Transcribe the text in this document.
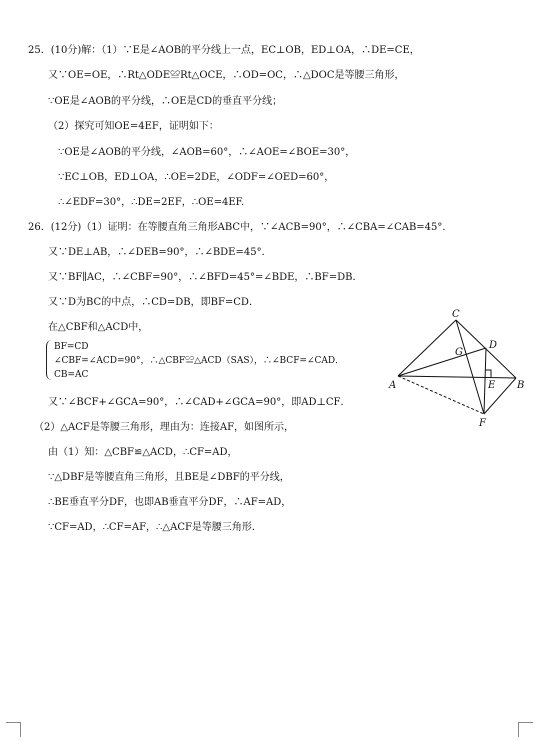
25．(10分)解：（1）∵E是∠AOB的平分线上一点，EC⊥OB，ED⊥OA，∴DE=CE，
又∵OE=OE，∴Rt△ODE≌Rt△OCE，∴OD=OC，∴△DOC是等腰三角形，
∵OE是∠AOB的平分线，∴OE是CD的垂直平分线；
（2）探究可知OE=4EF，证明如下：
∵OE是∠AOB的平分线，∠AOB=60°，∴∠AOE=∠BOE=30°，
∵EC⊥OB，ED⊥OA，∴OE=2DE，∠ODF=∠OED=60°，
∴∠EDF=30°，∴DE=2EF，∴OE=4EF.
26．(12分)（1）证明：在等腰直角三角形ABC中，∵∠ACB=90°，∴∠CBA=∠CAB=45°．
又∵DE⊥AB，∴∠DEB=90°，∴∠BDE=45°．
又∵BF∥AC，∴∠CBF=90°，∴∠BFD=45°=∠BDE，∴BF=DB．
又∵D为BC的中点，∴CD=DB，即BF=CD．
在△CBF和△ACD中，
BF=CD
∠CBF=∠ACD=90°，∴△CBF≌△ACD（SAS），∴∠BCF=∠CAD．
CB=AC
又∵∠BCF+∠GCA=90°，∴∠CAD+∠GCA=90°，即AD⊥CF．
（2）△ACF是等腰三角形，理由为：连接AF，如图所示，
由（1）知：△CBF≌△ACD，∴CF=AD，
∵△DBF是等腰直角三角形，且BE是∠DBF的平分线，
∴BE垂直平分DF，也即AB垂直平分DF，∴AF=AD，
∵CF=AD，∴CF=AF，∴△ACF是等腰三角形．
C
D
G
A	E B
F
